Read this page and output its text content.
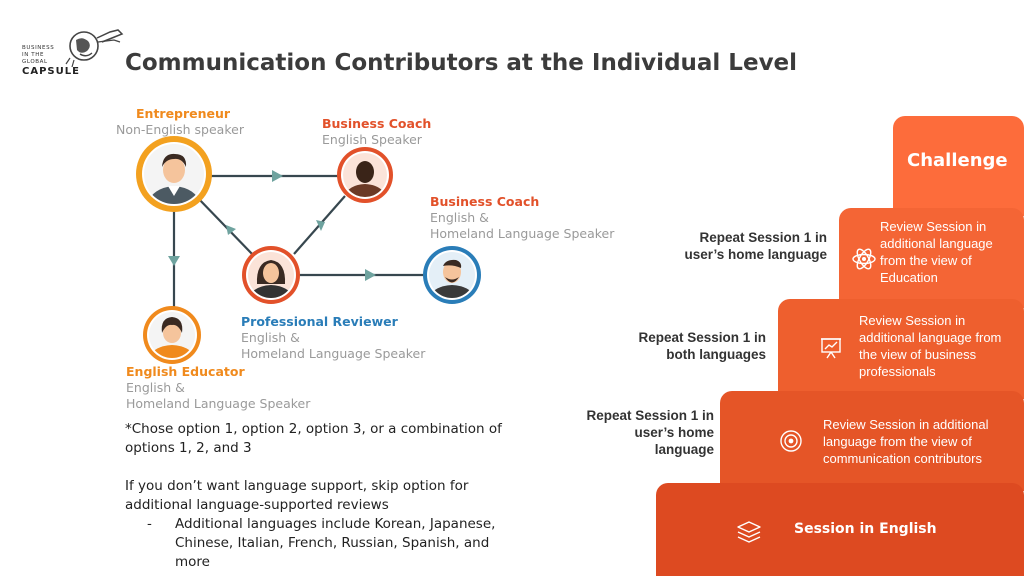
BUSINESS
IN THE
GLOBAL
CAPSULE Communication Contributors at the Individual Level
Entrepreneur
Non-English speaker	Business Coach
English Speaker
Business Coach
English &
Homeland Language Speaker
Professional Reviewer
English &
Homeland Language Speaker
English Educator
English &
Homeland Language Speaker

*Chose option 1, option 2, option 3, or a combination of options 1, 2, and 3

If you don’t want language support, skip option for additional language-supported reviews

-	Additional languages include Korean, Japanese, Chinese, Italian, French, Russian, Spanish, and more
Challenge
Review Session in additional language from the view of Education
Review Session in additional language from the view of business professionals
Review Session in additional language from the view of communication contributors
Session in English
Repeat Session 1 in user’s home language
Repeat Session 1 in both languages
Repeat Session 1 in user’s home language
